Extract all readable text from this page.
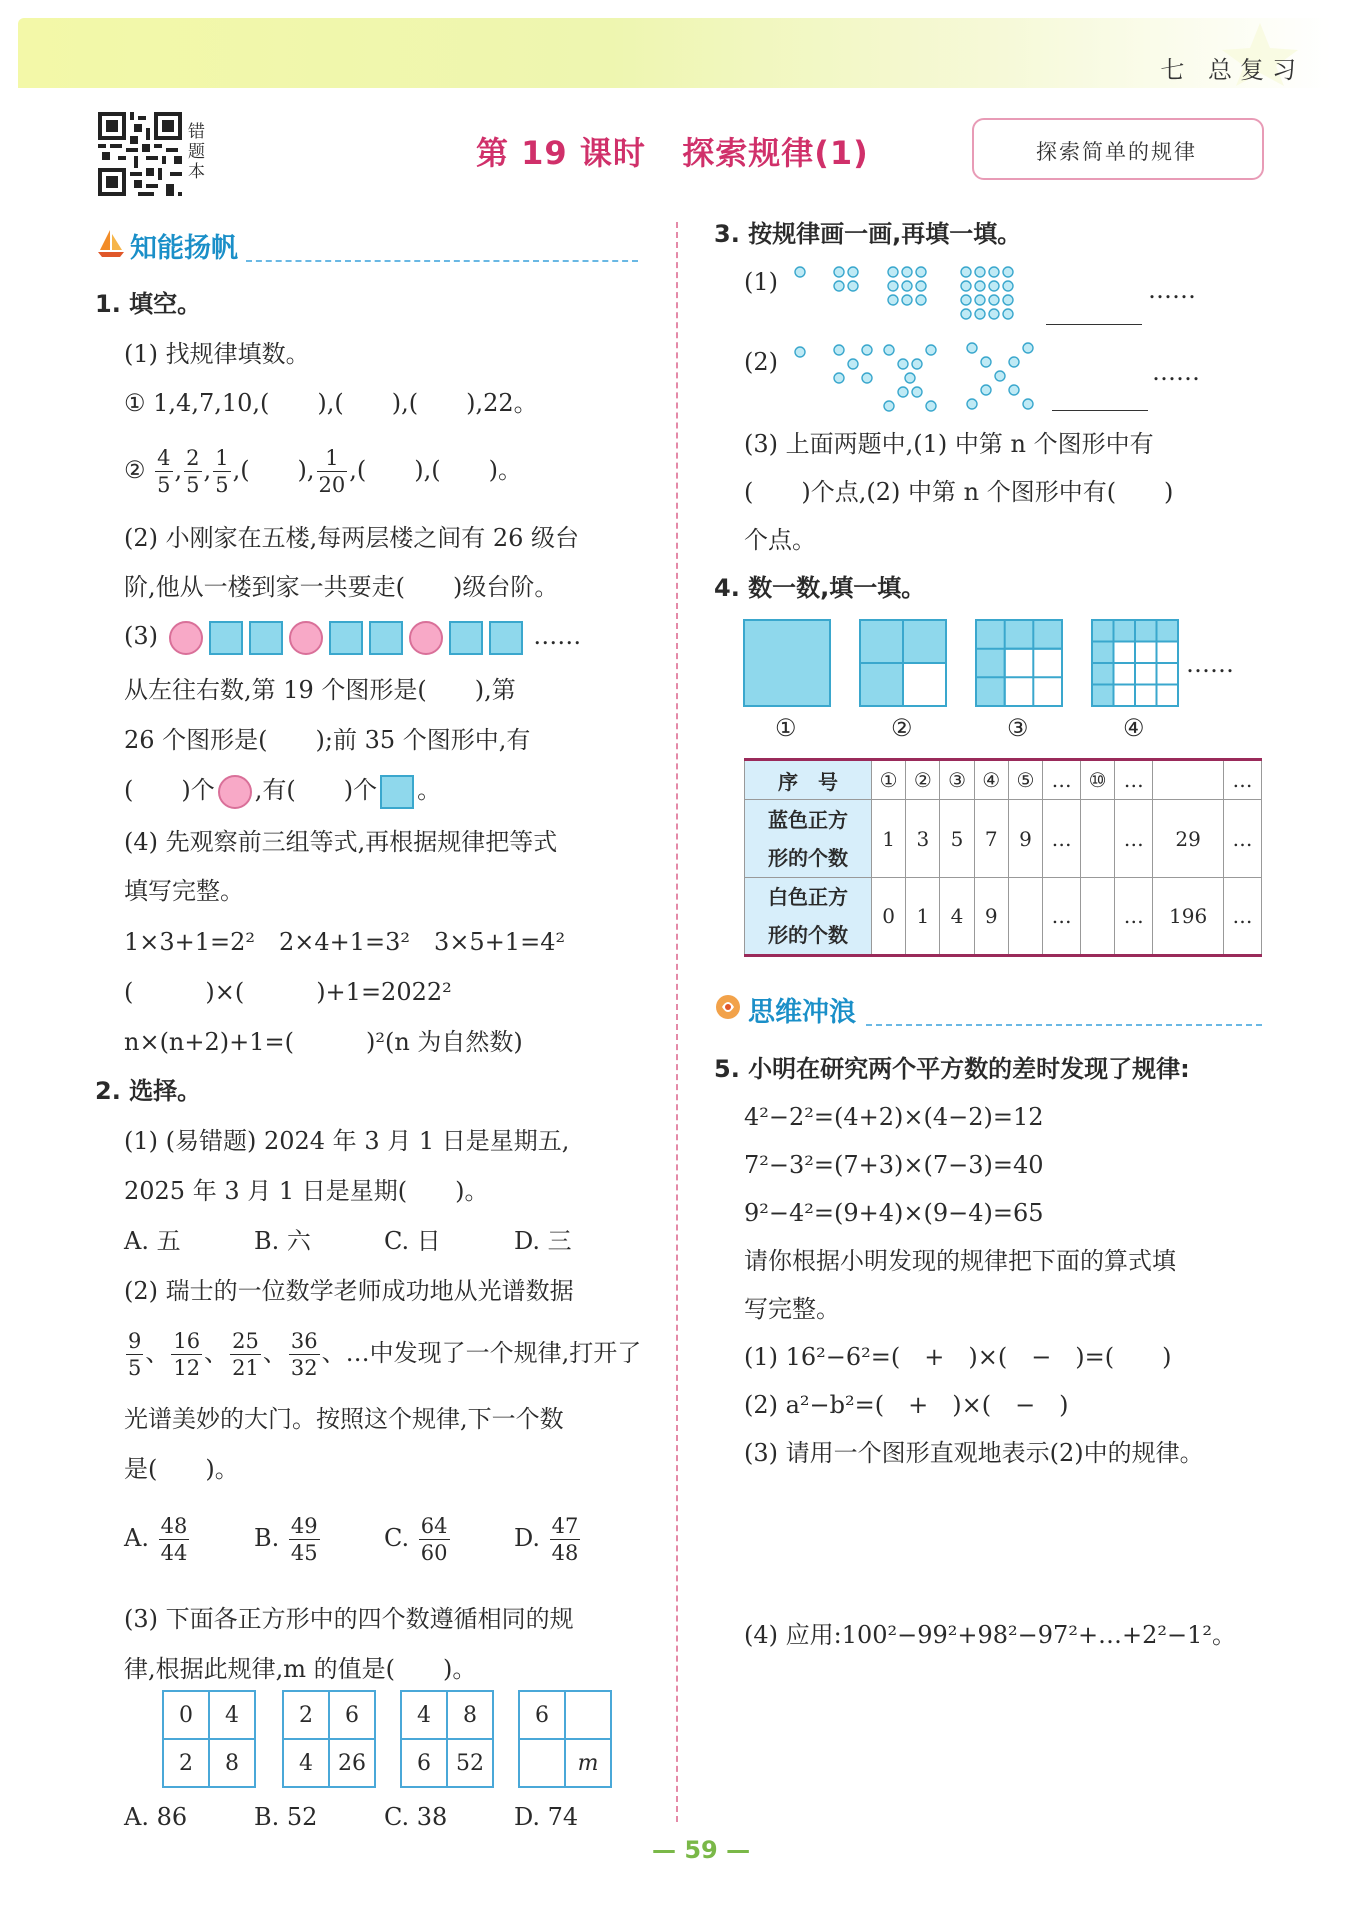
七 总复习
错题本	第 19 课时   探索规律(1)	探索简单的规律
知能扬帆
1. 填空。
(1) 找规律填数。
① 1,4,7,10,(　　),(　　),(　　),22。
② $\frac{4}{5}$ , $\frac{2}{5}$ , $\frac{1}{5}$ ,(　　), $\frac{1}{20}$ ,(　　),(　　)。
(2) 小刚家在五楼,每两层楼之间有 26 级台
阶,他从一楼到家一共要走(　　)级台阶。
(3)	……
从左往右数,第 19 个图形是(　　),第
26 个图形是(　　);前 35 个图形中,有
(　　)个 ,有(　　)个 。
(4) 先观察前三组等式,再根据规律把等式
填写完整。
1×3+1=2²　2×4+1=3²　3×5+1=4²
(　　　)×(　　　)+1=2022²
n×(n+2)+1=(　　　)²(n 为自然数)
2. 选择。
(1) (易错题) 2024 年 3 月 1 日是星期五,
2025 年 3 月 1 日是星期(　　)。
A. 五	B. 六	C. 日	D. 三
(2) 瑞士的一位数学老师成功地从光谱数据
$\frac{9}{5}$ 、 $\frac{16}{12}$ 、 $\frac{25}{21}$ 、 $\frac{36}{32}$ 、…中发现了一个规律,打开了
光谱美妙的大门。按照这个规律,下一个数
是(　　)。
A. $\frac{48}{44}$	B. $\frac{49}{45}$	C. $\frac{64}{60}$	D. $\frac{47}{48}$
(3) 下面各正方形中的四个数遵循相同的规
律,根据此规律,m 的值是(　　)。
0	4
2	8
2	6
4	26
4	8
6	52
6	
	m
A. 86	B. 52	C. 38	D. 74
3. 按规律画一画,再填一填。
(1)	……
(2)	……
(3) 上面两题中,(1) 中第 n 个图形中有
(　　)个点,(2) 中第 n 个图形中有(　　)
个点。
4. 数一数,填一填。
……
①	②	③	④
序　号	①	②	③	④	⑤	…	⑩	…		…

蓝色正方
形的个数	1	3	5	7	9	…		…	29	…

白色正方
形的个数	0	1	4	9		…		…	196	…
思维冲浪
5. 小明在研究两个平方数的差时发现了规律:
4²−2²=(4+2)×(4−2)=12
7²−3²=(7+3)×(7−3)=40
9²−4²=(9+4)×(9−4)=65
请你根据小明发现的规律把下面的算式填
写完整。
(1) 16²−6²=(　+　)×(　−　)=(　　)
(2) a²−b²=(　+　)×(　−　)
(3) 请用一个图形直观地表示(2)中的规律。
(4) 应用:100²−99²+98²−97²+…+2²−1²。
— 59 —
